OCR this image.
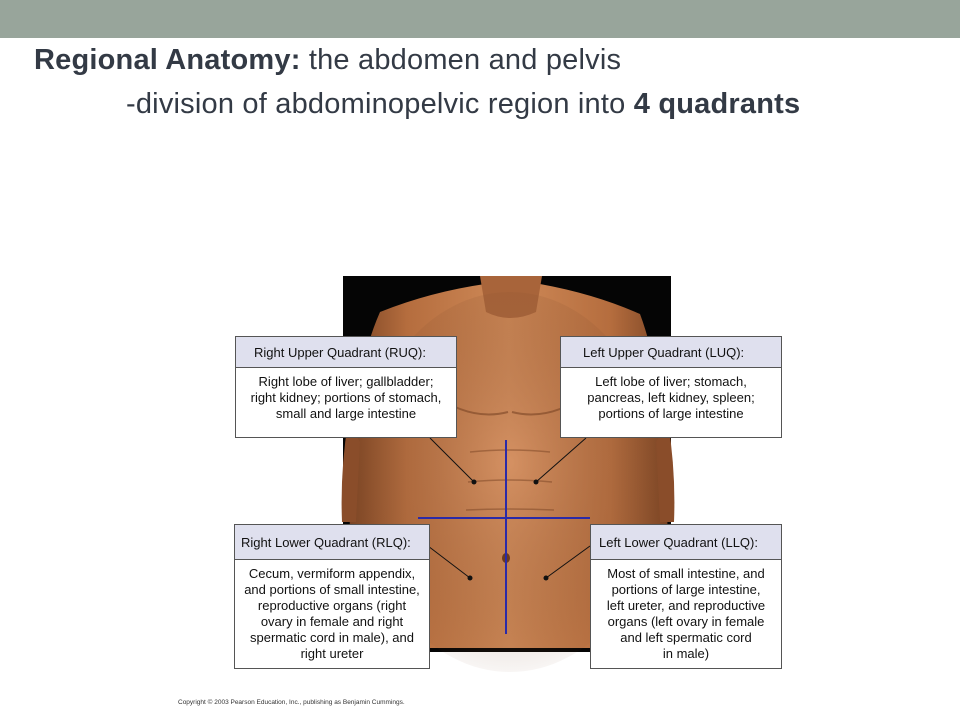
Regional Anatomy: the abdomen and pelvis
-division of abdominopelvic region into 4 quadrants
Right Upper Quadrant (RUQ):
Right lobe of liver; gallbladder;
right kidney; portions of stomach,
small and large intestine
Left Upper Quadrant (LUQ):
Left lobe of liver; stomach,
pancreas, left kidney, spleen;
portions of large intestine
Right Lower Quadrant (RLQ):
Cecum, vermiform appendix,
and portions of small intestine,
reproductive organs (right
ovary in female and right
spermatic cord in male), and
right ureter
Left Lower Quadrant (LLQ):
Most of small intestine, and
portions of large intestine,
left ureter, and reproductive
organs (left ovary in female
and left spermatic cord
in male)
Copyright © 2003 Pearson Education, Inc., publishing as Benjamin Cummings.
